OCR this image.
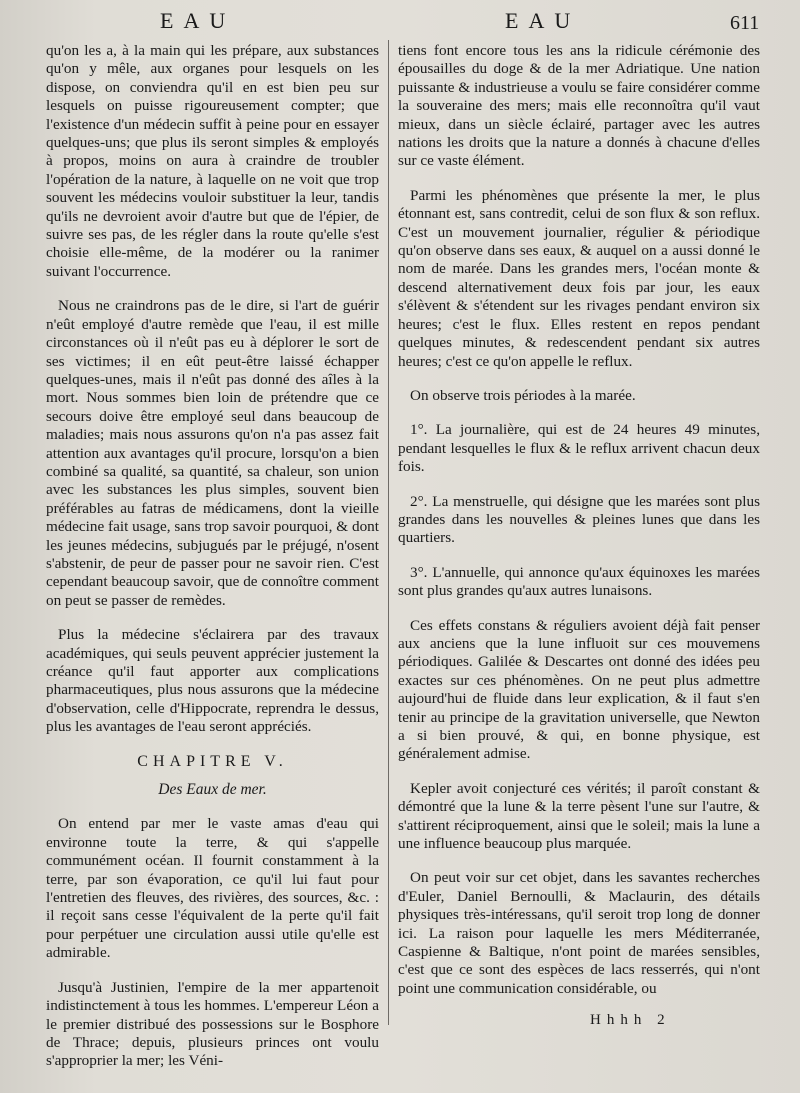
EAU	EAU	611

qu'on les a, à la main qui les prépare, aux substances qu'on y mêle, aux organes pour lesquels on les dispose, on conviendra qu'il en est bien peu sur lesquels on puisse rigoureusement compter; que l'existence d'un médecin suffit à peine pour en essayer quelques-uns; que plus ils seront simples & employés à propos, moins on aura à craindre de troubler l'opération de la nature, à laquelle on ne voit que trop souvent les médecins vouloir substituer la leur, tandis qu'ils ne devroient avoir d'autre but que de l'épier, de suivre ses pas, de les régler dans la route qu'elle s'est choisie elle-même, de la modérer ou la ranimer suivant l'occurrence.

Nous ne craindrons pas de le dire, si l'art de guérir n'eût employé d'autre remède que l'eau, il est mille circonstances où il n'eût pas eu à déplorer le sort de ses victimes; il en eût peut-être laissé échapper quelques-unes, mais il n'eût pas donné des aîles à la mort. Nous sommes bien loin de prétendre que ce secours doive être employé seul dans beaucoup de maladies; mais nous assurons qu'on n'a pas assez fait attention aux avantages qu'il procure, lorsqu'on a bien combiné sa qualité, sa quantité, sa chaleur, son union avec les substances les plus simples, souvent bien préférables au fatras de médicamens, dont la vieille médecine fait usage, sans trop savoir pourquoi, & dont les jeunes médecins, subjugués par le préjugé, n'osent s'abstenir, de peur de passer pour ne savoir rien. C'est cependant beaucoup savoir, que de connoître comment on peut se passer de remèdes.

Plus la médecine s'éclairera par des travaux académiques, qui seuls peuvent apprécier justement la créance qu'il faut apporter aux complications pharmaceutiques, plus nous assurons que la médecine d'observation, celle d'Hippocrate, reprendra le dessus, plus les avantages de l'eau seront appréciés.

CHAPITRE V.
Des Eaux de mer.

On entend par mer le vaste amas d'eau qui environne toute la terre, & qui s'appelle communément océan. Il fournit constamment à la terre, par son évaporation, ce qu'il lui faut pour l'entretien des fleuves, des rivières, des sources, &c. : il reçoit sans cesse l'équivalent de la perte qu'il fait pour perpétuer une circulation aussi utile qu'elle est admirable.

Jusqu'à Justinien, l'empire de la mer appartenoit indistinctement à tous les hommes. L'empereur Léon a le premier distribué des possessions sur le Bosphore de Thrace; depuis, plusieurs princes ont voulu s'approprier la mer; les Véni-

tiens font encore tous les ans la ridicule cérémonie des épousailles du doge & de la mer Adriatique. Une nation puissante & industrieuse a voulu se faire considérer comme la souveraine des mers; mais elle reconnoîtra qu'il vaut mieux, dans un siècle éclairé, partager avec les autres nations les droits que la nature a donnés à chacune d'elles sur ce vaste élément.

Parmi les phénomènes que présente la mer, le plus étonnant est, sans contredit, celui de son flux & son reflux. C'est un mouvement journalier, régulier & périodique qu'on observe dans ses eaux, & auquel on a aussi donné le nom de marée. Dans les grandes mers, l'océan monte & descend alternativement deux fois par jour, les eaux s'élèvent & s'étendent sur les rivages pendant environ six heures; c'est le flux. Elles restent en repos pendant quelques minutes, & redescendent pendant six autres heures; c'est ce qu'on appelle le reflux.

On observe trois périodes à la marée.

1°. La journalière, qui est de 24 heures 49 minutes, pendant lesquelles le flux & le reflux arrivent chacun deux fois.

2°. La menstruelle, qui désigne que les marées sont plus grandes dans les nouvelles & pleines lunes que dans les quartiers.

3°. L'annuelle, qui annonce qu'aux équinoxes les marées sont plus grandes qu'aux autres lunaisons.

Ces effets constans & réguliers avoient déjà fait penser aux anciens que la lune influoit sur ces mouvemens périodiques. Galilée & Descartes ont donné des idées peu exactes sur ces phénomènes. On ne peut plus admettre aujourd'hui de fluide dans leur explication, & il faut s'en tenir au principe de la gravitation universelle, que Newton a si bien prouvé, & qui, en bonne physique, est généralement admise.

Kepler avoit conjecturé ces vérités; il paroît constant & démontré que la lune & la terre pèsent l'une sur l'autre, & s'attirent réciproquement, ainsi que le soleil; mais la lune a une influence beaucoup plus marquée.

On peut voir sur cet objet, dans les savantes recherches d'Euler, Daniel Bernoulli, & Maclaurin, des détails physiques très-intéressans, qu'il seroit trop long de donner ici. La raison pour laquelle les mers Méditerranée, Caspienne & Baltique, n'ont point de marées sensibles, c'est que ce sont des espèces de lacs resserrés, qui n'ont point une communication considérable, ou

Hhhh 2
